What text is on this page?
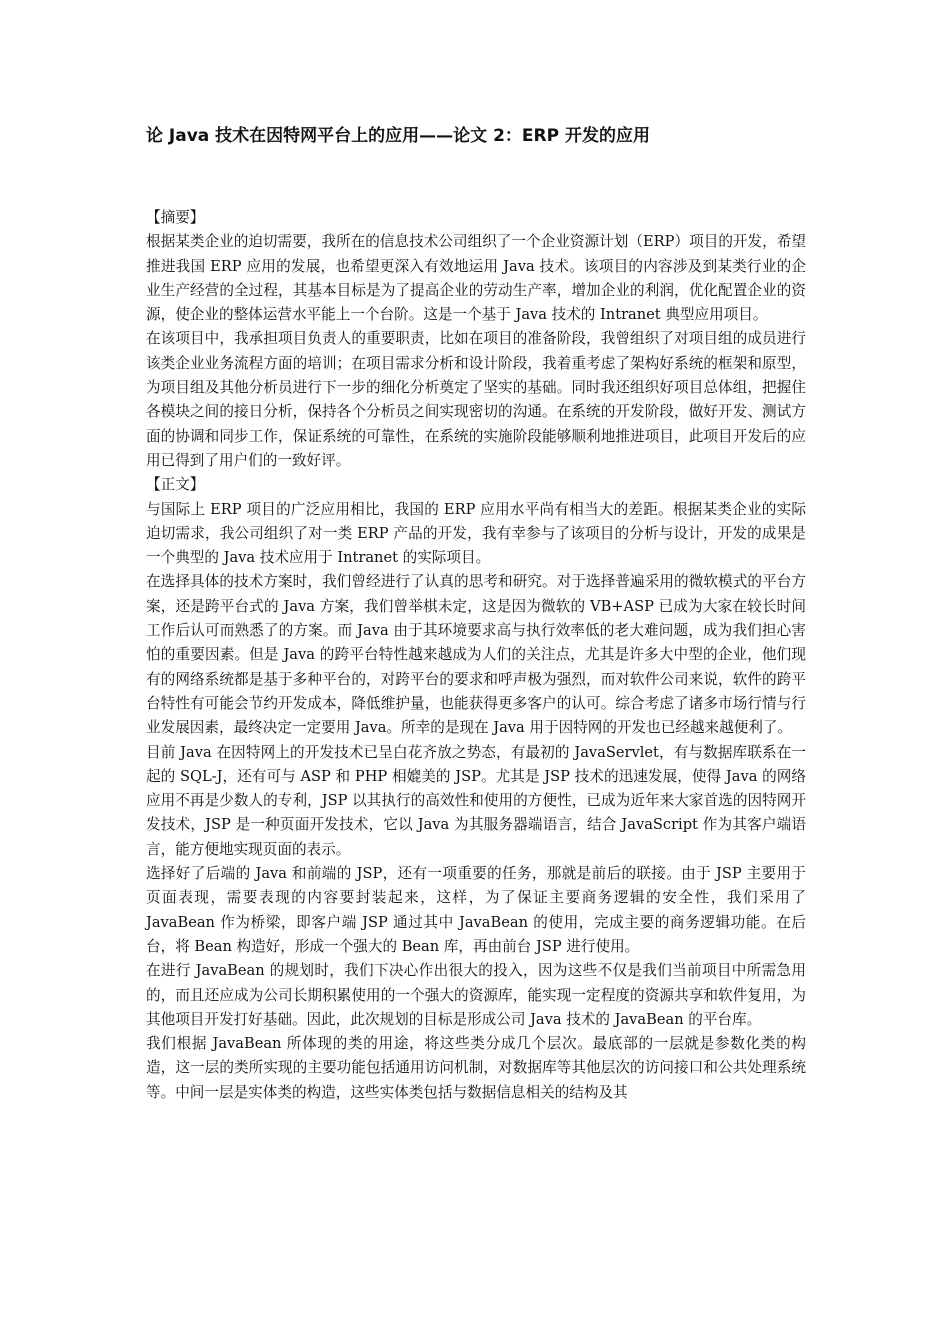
论 Java 技术在因特网平台上的应用——论文 2：ERP 开发的应用

【摘要】

根据某类企业的迫切需要，我所在的信息技术公司组织了一个企业资源计划（ERP）项目的开发，希望推进我国 ERP 应用的发展，也希望更深入有效地运用 Java 技术。该项目的内容涉及到某类行业的企业生产经营的全过程，其基本目标是为了提高企业的劳动生产率，增加企业的利润，优化配置企业的资源，使企业的整体运营水平能上一个台阶。这是一个基于 Java 技术的 Intranet 典型应用项目。

在该项目中，我承担项目负责人的重要职责，比如在项目的准备阶段，我曾组织了对项目组的成员进行该类企业业务流程方面的培训；在项目需求分析和设计阶段，我着重考虑了架构好系统的框架和原型，为项目组及其他分析员进行下一步的细化分析奠定了坚实的基础。同时我还组织好项目总体组，把握住各模块之间的接日分析，保持各个分析员之间实现密切的沟通。在系统的开发阶段，做好开发、测试方面的协调和同步工作，保证系统的可靠性，在系统的实施阶段能够顺利地推进项目，此项目开发后的应用已得到了用户们的一致好评。

【正文】

与国际上 ERP 项目的广泛应用相比，我国的 ERP 应用水平尚有相当大的差距。根据某类企业的实际迫切需求，我公司组织了对一类 ERP 产品的开发，我有幸参与了该项目的分析与设计，开发的成果是一个典型的 Java 技术应用于 Intranet 的实际项目。

在选择具体的技术方案时，我们曾经进行了认真的思考和研究。对于选择普遍采用的微软模式的平台方案，还是跨平台式的 Java 方案，我们曾举棋未定，这是因为微软的 VB+ASP 已成为大家在较长时间工作后认可而熟悉了的方案。而 Java 由于其环境要求高与执行效率低的老大难问题，成为我们担心害怕的重要因素。但是 Java 的跨平台特性越来越成为人们的关注点，尤其是许多大中型的企业，他们现有的网络系统都是基于多种平台的，对跨平台的要求和呼声极为强烈，而对软件公司来说，软件的跨平台特性有可能会节约开发成本，降低维护量，也能获得更多客户的认可。综合考虑了诸多市场行情与行业发展因素，最终决定一定要用 Java。所幸的是现在 Java 用于因特网的开发也已经越来越便利了。

目前 Java 在因特网上的开发技术已呈白花齐放之势态，有最初的 JavaServlet，有与数据库联系在一起的 SQL-J，还有可与 ASP 和 PHP 相媲美的 JSP。尤其是 JSP 技术的迅速发展，使得 Java 的网络应用不再是少数人的专利，JSP 以其执行的高效性和使用的方便性，已成为近年来大家首选的因特网开发技术，JSP 是一种页面开发技术，它以 Java 为其服务器端语言，结合 JavaScript 作为其客户端语言，能方便地实现页面的表示。

选择好了后端的 Java 和前端的 JSP，还有一项重要的任务，那就是前后的联接。由于 JSP 主要用于页面表现，需要表现的内容要封装起来，这样，为了保证主要商务逻辑的安全性，我们采用了 JavaBean 作为桥梁，即客户端 JSP 通过其中 JavaBean 的使用，完成主要的商务逻辑功能。在后台，将 Bean 构造好，形成一个强大的 Bean 库，再由前台 JSP 进行使用。

在进行 JavaBean 的规划时，我们下决心作出很大的投入，因为这些不仅是我们当前项目中所需急用的，而且还应成为公司长期积累使用的一个强大的资源库，能实现一定程度的资源共享和软件复用，为其他项目开发打好基础。因此，此次规划的目标是形成公司 Java 技术的 JavaBean 的平台库。

我们根据 JavaBean 所体现的类的用途，将这些类分成几个层次。最底部的一层就是参数化类的构造，这一层的类所实现的主要功能包括通用访问机制，对数据库等其他层次的访问接口和公共处理系统等。中间一层是实体类的构造，这些实体类包括与数据信息相关的结构及其
